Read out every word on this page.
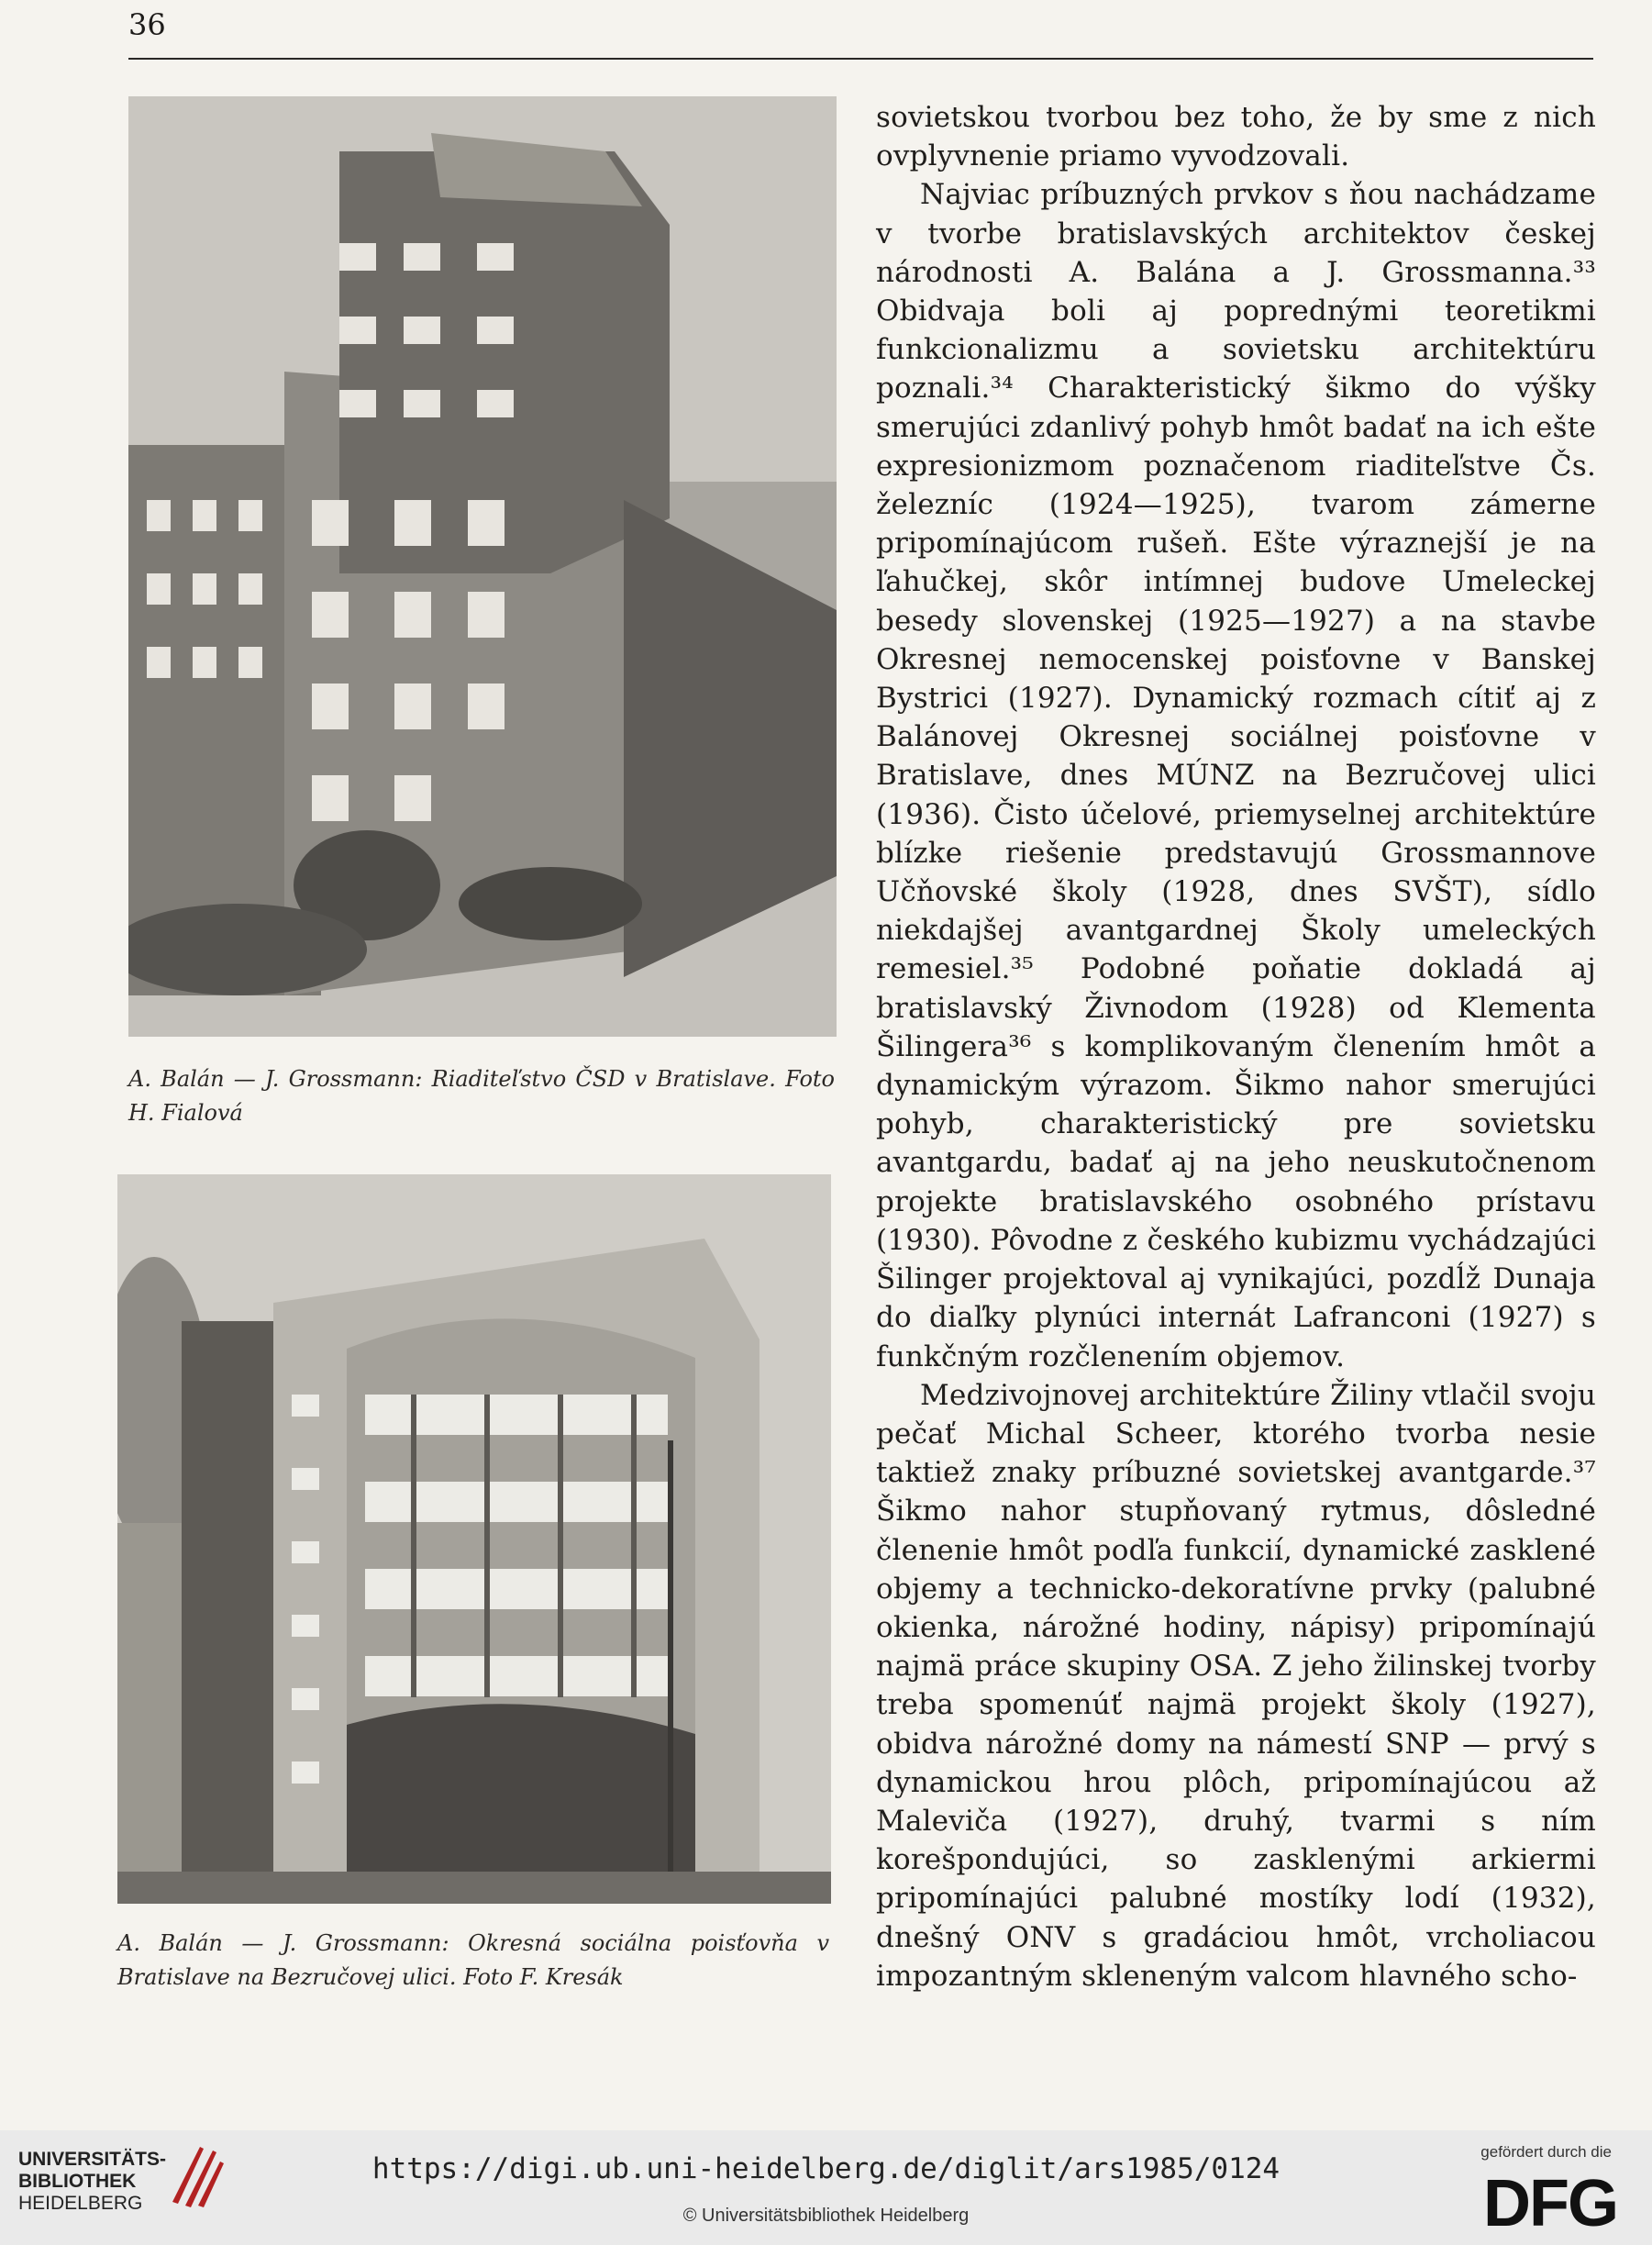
36
A. Balán — J. Grossmann: Riaditeľstvo ČSD v Bratislave. Foto H. Fialová
A. Balán — J. Grossmann: Okresná sociálna poisťovňa v Bratislave na Bezručovej ulici. Foto F. Kresák

sovietskou tvorbou bez toho, že by sme z nich ovplyvnenie priamo vyvodzovali.

Najviac príbuzných prvkov s ňou nachádzame v tvorbe bratislavských architektov českej národnosti A. Balána a J. Grossmanna.³³ Obidvaja boli aj poprednými teoretikmi funkcionalizmu a sovietsku architektúru poznali.³⁴ Charakteristický šikmo do výšky smerujúci zdanlivý pohyb hmôt badať na ich ešte expresionizmom poznačenom riaditeľstve Čs. železníc (1924—1925), tvarom zámerne pripomínajúcom rušeň. Ešte výraznejší je na ľahučkej, skôr intímnej budove Umeleckej besedy slovenskej (1925—1927) a na stavbe Okresnej nemocenskej poisťovne v Banskej Bystrici (1927). Dynamický rozmach cítiť aj z Balánovej Okresnej sociálnej poisťovne v Bratislave, dnes MÚNZ na Bezručovej ulici (1936). Čisto účelové, priemyselnej architektúre blízke riešenie predstavujú Grossmannove Učňovské školy (1928, dnes SVŠT), sídlo niekdajšej avantgardnej Školy umeleckých remesiel.³⁵ Podobné poňatie dokladá aj bratislavský Živnodom (1928) od Klementa Šilingera³⁶ s komplikovaným členením hmôt a dynamickým výrazom. Šikmo nahor smerujúci pohyb, charakteristický pre sovietsku avantgardu, badať aj na jeho neuskutočnenom projekte bratislavského osobného prístavu (1930). Pôvodne z českého kubizmu vychádzajúci Šilinger projektoval aj vynikajúci, pozdĺž Dunaja do diaľky plynúci internát Lafranconi (1927) s funkčným rozčlenením objemov.

Medzivojnovej architektúre Žiliny vtlačil svoju pečať Michal Scheer, ktorého tvorba nesie taktiež znaky príbuzné sovietskej avantgarde.³⁷ Šikmo nahor stupňovaný rytmus, dôsledné členenie hmôt podľa funkcií, dynamické zasklené objemy a technicko-dekoratívne prvky (palubné okienka, nárožné hodiny, nápisy) pripomínajú najmä práce skupiny OSA. Z jeho žilinskej tvorby treba spomenúť najmä projekt školy (1927), obidva nárožné domy na námestí SNP — prvý s dynamickou hrou plôch, pripomínajúcou až Maleviča (1927), druhý, tvarmi s ním korešpondujúci, so zasklenými arkiermi pripomínajúci palubné mostíky lodí (1932), dnešný ONV s gradáciou hmôt, vrcholiacou impozantným skleneným valcom hlavného scho-

UNIVERSITÄTS-
BIBLIOTHEK
HEIDELBERG
https://digi.ub.uni-heidelberg.de/diglit/ars1985/0124
© Universitätsbibliothek Heidelberg
gefördert durch die
DFG
